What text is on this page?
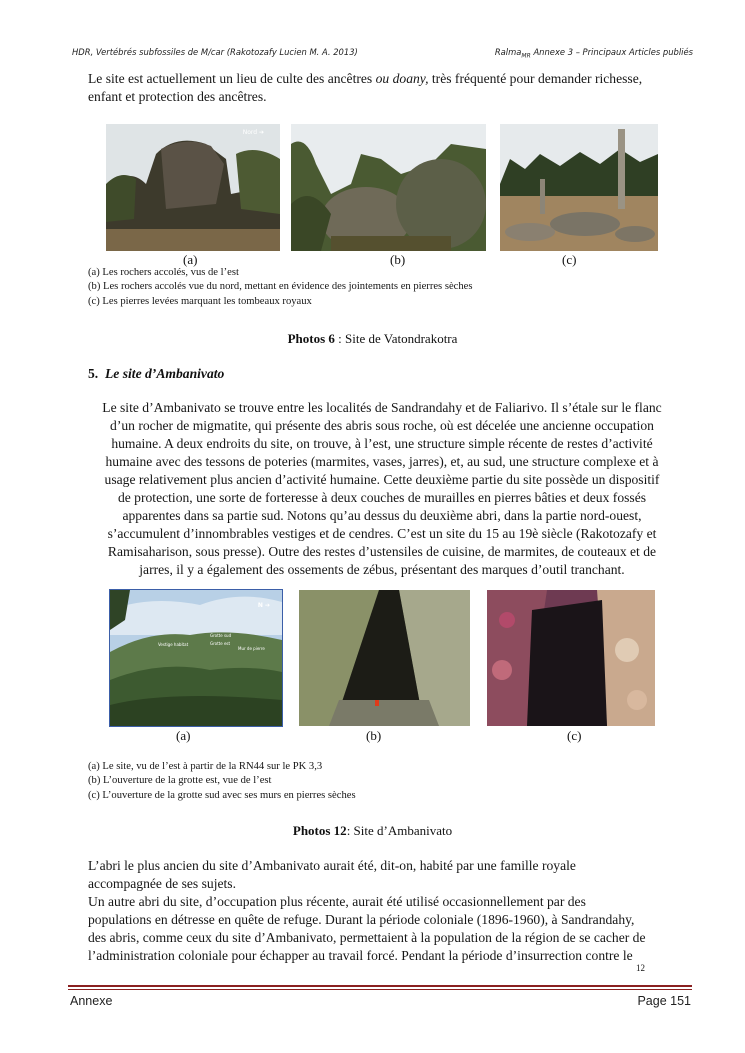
HDR, Vertébrés subfossiles de M/car (Rakotozafy Lucien M. A. 2013)	Ralma$_{MR}$ Annexe 3 – Principaux Articles publiés

Le site est actuellement un lieu de culte des ancêtres ou doany, très fréquenté pour demander richesse,

enfant et protection des ancêtres.

Nord ➔
(a)	(b)	(c)

(a) Les rochers accolés, vus de l’est

(b) Les rochers accolés vue du nord, mettant en évidence des jointements en pierres sèches

(c) Les pierres levées marquant les tombeaux royaux

Photos 6 : Site de Vatondrakotra
5. Le site d’Ambanivato

Le site d’Ambanivato se trouve entre les localités de Sandrandahy et de Faliarivo. Il s’étale sur le flanc

d’un rocher de migmatite, qui présente des abris sous roche, où est décelée une ancienne occupation

humaine. A deux endroits du site, on trouve, à l’est, une structure simple récente de restes d’activité

humaine avec des tessons de poteries (marmites, vases, jarres), et, au sud, une structure complexe et à

usage relativement plus ancien d’activité humaine. Cette deuxième partie du site possède un dispositif

de protection, une sorte de forteresse à deux couches de murailles en pierres bâties et deux fossés

apparentes dans sa partie sud. Notons qu’au dessus du deuxième abri, dans la partie nord-ouest,

s’accumulent d’innombrables vestiges et de cendres. C’est un site du 15 au 19è siècle (Rakotozafy et

Ramisaharison, sous presse). Outre des restes d’ustensiles de cuisine, de marmites, de couteaux et de

jarres, il y a également des ossements de zébus, présentant des marques d’outil tranchant.

N ➔
Grotte sud
Vestige habitat	Grotte est
Mur de pierre
(a)	(b)	(c)

(a) Le site, vu de l’est à partir de la RN44 sur le PK 3,3

(b) L’ouverture de la grotte est, vue de l’est

(c) L’ouverture de la grotte sud avec ses murs en pierres sèches

Photos 12: Site d’Ambanivato

L’abri le plus ancien du site d’Ambanivato aurait été, dit-on, habité par une famille royale

accompagnée de ses sujets.

Un autre abri du site, d’occupation plus récente, aurait été utilisé occasionnellement par des

populations en détresse en quête de refuge. Durant la période coloniale (1896-1960), à Sandrandahy,

des abris, comme ceux du site d’Ambanivato, permettaient à la population de la région de se cacher de

l’administration coloniale pour échapper au travail forcé. Pendant la période d’insurrection contre le

12
Annexe	Page 151
